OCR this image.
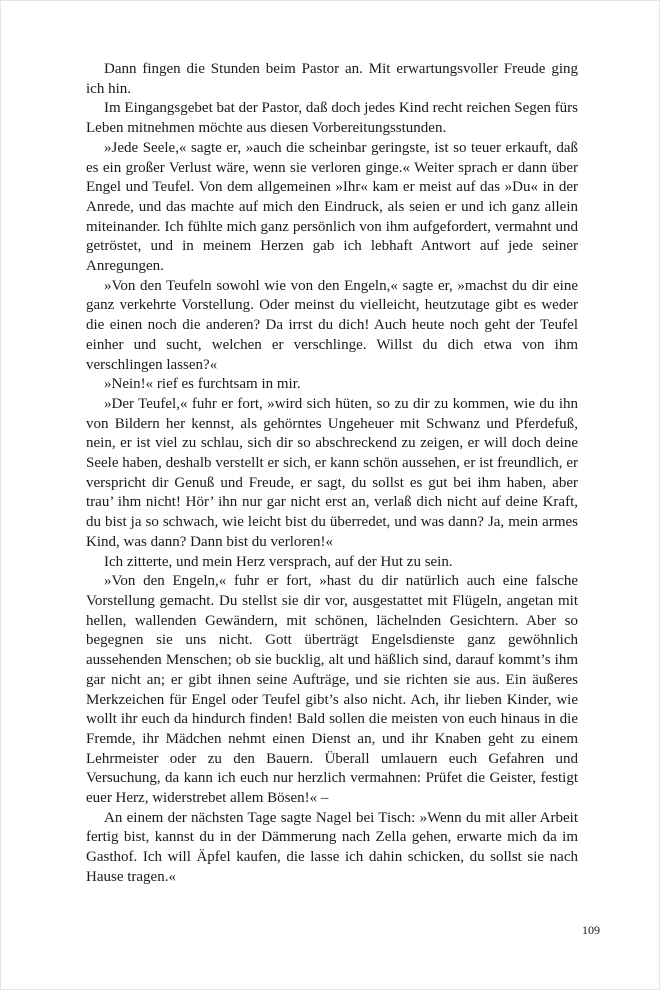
Dann fingen die Stunden beim Pastor an. Mit erwartungsvoller Freude ging ich hin.

Im Eingangsgebet bat der Pastor, daß doch jedes Kind recht reichen Segen fürs Leben mitnehmen möchte aus diesen Vorbereitungsstunden.

»Jede Seele,« sagte er, »auch die scheinbar geringste, ist so teuer erkauft, daß es ein großer Verlust wäre, wenn sie verloren ginge.« Weiter sprach er dann über Engel und Teufel. Von dem allgemeinen »Ihr« kam er meist auf das »Du« in der Anrede, und das machte auf mich den Eindruck, als seien er und ich ganz allein miteinander. Ich fühlte mich ganz persönlich von ihm aufgefordert, vermahnt und getröstet, und in meinem Herzen gab ich lebhaft Antwort auf jede seiner Anregungen.

»Von den Teufeln sowohl wie von den Engeln,« sagte er, »machst du dir eine ganz verkehrte Vorstellung. Oder meinst du vielleicht, heutzutage gibt es weder die einen noch die anderen? Da irrst du dich! Auch heute noch geht der Teufel einher und sucht, welchen er verschlinge. Willst du dich etwa von ihm verschlingen lassen?«

»Nein!« rief es furchtsam in mir.

»Der Teufel,« fuhr er fort, »wird sich hüten, so zu dir zu kommen, wie du ihn von Bildern her kennst, als gehörntes Ungeheuer mit Schwanz und Pferdefuß, nein, er ist viel zu schlau, sich dir so abschreckend zu zeigen, er will doch deine Seele haben, deshalb verstellt er sich, er kann schön aussehen, er ist freundlich, er verspricht dir Genuß und Freude, er sagt, du sollst es gut bei ihm haben, aber trau’ ihm nicht! Hör’ ihn nur gar nicht erst an, verlaß dich nicht auf deine Kraft, du bist ja so schwach, wie leicht bist du überredet, und was dann? Ja, mein armes Kind, was dann? Dann bist du verloren!«

Ich zitterte, und mein Herz versprach, auf der Hut zu sein.

»Von den Engeln,« fuhr er fort, »hast du dir natürlich auch eine falsche Vorstellung gemacht. Du stellst sie dir vor, ausgestattet mit Flügeln, angetan mit hellen, wallenden Gewändern, mit schönen, lächelnden Gesichtern. Aber so begegnen sie uns nicht. Gott überträgt Engelsdienste ganz gewöhnlich aussehenden Menschen; ob sie bucklig, alt und häßlich sind, darauf kommt’s ihm gar nicht an; er gibt ihnen seine Aufträge, und sie richten sie aus. Ein äußeres Merkzeichen für Engel oder Teufel gibt’s also nicht. Ach, ihr lieben Kinder, wie wollt ihr euch da hindurch finden! Bald sollen die meisten von euch hinaus in die Fremde, ihr Mädchen nehmt einen Dienst an, und ihr Knaben geht zu einem Lehrmeister oder zu den Bauern. Überall umlauern euch Gefahren und Versuchung, da kann ich euch nur herzlich vermahnen: Prüfet die Geister, festigt euer Herz, widerstrebet allem Bösen!« –

An einem der nächsten Tage sagte Nagel bei Tisch: »Wenn du mit aller Arbeit fertig bist, kannst du in der Dämmerung nach Zella gehen, erwarte mich da im Gasthof. Ich will Äpfel kaufen, die lasse ich dahin schicken, du sollst sie nach Hause tragen.«

109
